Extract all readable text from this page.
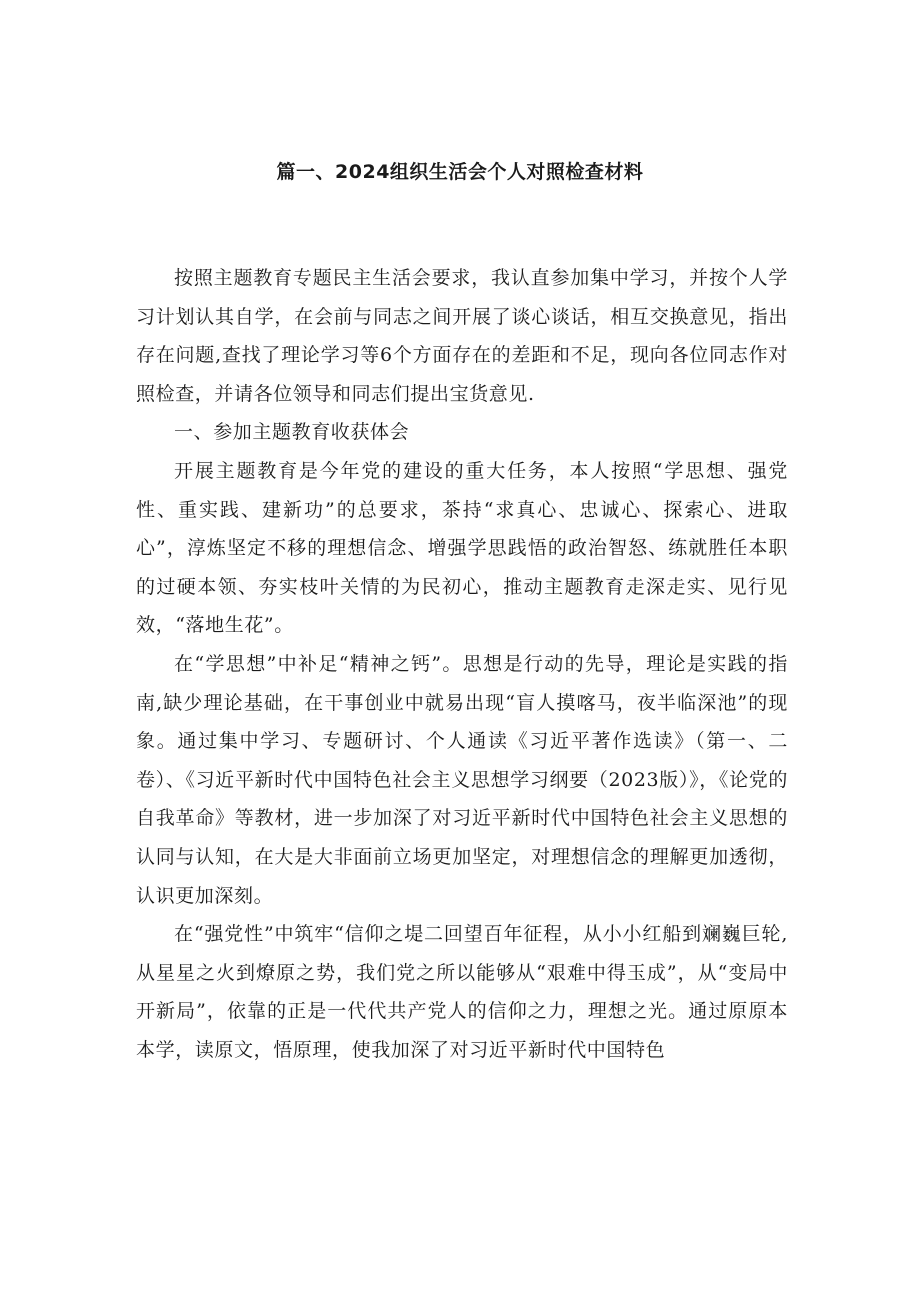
篇一、2024组织生活会个人对照检查材料

按照主题教育专题民主生活会要求，我认直参加集中学习，并按个人学习计划认其自学，在会前与同志之间开展了谈心谈话，相互交换意见，指出存在问题,查找了理论学习等6个方面存在的差距和不足，现向各位同志作对照检查，并请各位领导和同志们提出宝货意见.

一、参加主题教育收获体会

开展主题教育是今年党的建设的重大任务，本人按照“学思想、强党性、重实践、建新功”的总要求，茶持“求真心、忠诚心、探索心、进取心”，淳炼坚定不移的理想信念、增强学思践悟的政治智怒、练就胜任本职的过硬本领、夯实枝叶关情的为民初心，推动主题教育走深走实、见行见效，“落地生花”。

在“学思想”中补足“精神之钙”。思想是行动的先导，理论是实践的指南,缺少理论基础，在干事创业中就易出现“盲人摸喀马，夜半临深池”的现象。通过集中学习、专题研讨、个人通读《习近平著作选读》（第一、二卷）、《习近平新时代中国特色社会主义思想学习纲要（2023版）》，《论党的自我革命》等教材，进一步加深了对习近平新时代中国特色社会主义思想的认同与认知，在大是大非面前立场更加坚定，对理想信念的理解更加透彻，认识更加深刻。

在“强党性”中筑牢“信仰之堤二回望百年征程，从小小红船到斓巍巨轮,从星星之火到燎原之势，我们党之所以能够从“艰难中得玉成”，从“变局中开新局”，依靠的正是一代代共产党人的信仰之力，理想之光。通过原原本本学，读原文，悟原理，使我加深了对习近平新时代中国特色
